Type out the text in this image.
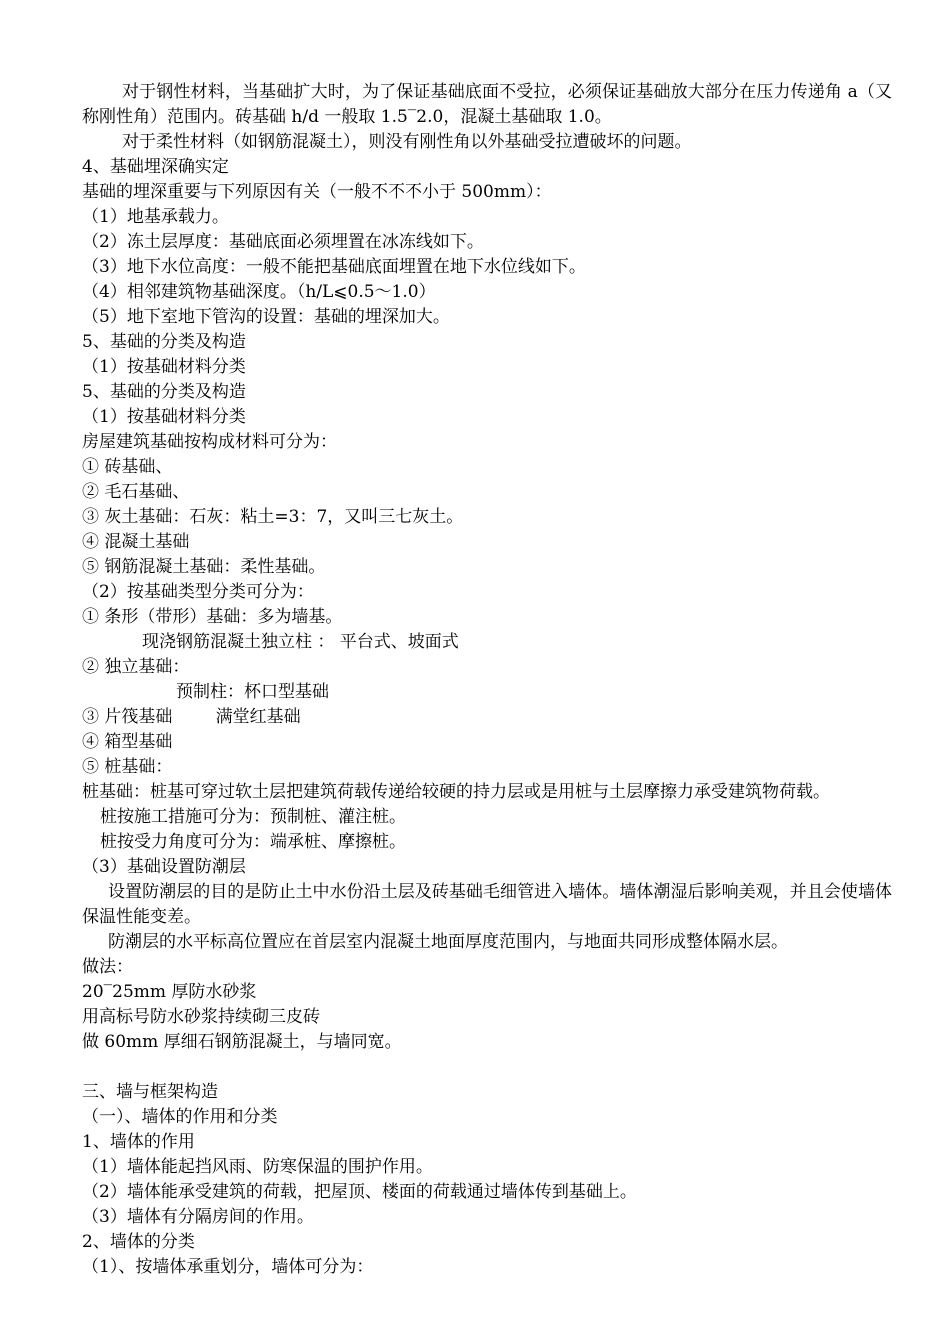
对于钢性材料，当基础扩大时，为了保证基础底面不受拉，必须保证基础放大部分在压力传递角 a（又称刚性角）范围内。砖基础 h/d 一般取 1.5‾2.0，混凝土基础取 1.0。
对于柔性材料（如钢筋混凝土），则没有刚性角以外基础受拉遭破坏的问题。
4、基础埋深确实定
基础的埋深重要与下列原因有关（一般不不不小于 500mm）：
（1）地基承载力。
（2）冻土层厚度：基础底面必须埋置在冰冻线如下。
（3）地下水位高度：一般不能把基础底面埋置在地下水位线如下。
（4）相邻建筑物基础深度。（h/L⩽0.5～1.0）
（5）地下室地下管沟的设置：基础的埋深加大。
5、基础的分类及构造
（1）按基础材料分类
5、基础的分类及构造
（1）按基础材料分类
房屋建筑基础按构成材料可分为：
① 砖基础、
② 毛石基础、
③ 灰土基础：石灰：粘土=3：7，又叫三七灰土。
④ 混凝土基础
⑤ 钢筋混凝土基础：柔性基础。
（2）按基础类型分类可分为：
① 条形（带形）基础：多为墙基。
现浇钢筋混凝土独立柱 ： 平台式、坡面式
② 独立基础：
预制柱：杯口型基础
③ 片筏基础        满堂红基础
④ 箱型基础
⑤ 桩基础：
桩基础：桩基可穿过软土层把建筑荷载传递给较硬的持力层或是用桩与土层摩擦力承受建筑物荷载。
桩按施工措施可分为：预制桩、灌注桩。
桩按受力角度可分为：端承桩、摩擦桩。
（3）基础设置防潮层
设置防潮层的目的是防止土中水份沿土层及砖基础毛细管进入墙体。墙体潮湿后影响美观，并且会使墙体保温性能变差。
防潮层的水平标高位置应在首层室内混凝土地面厚度范围内，与地面共同形成整体隔水层。
做法：
20‾25mm 厚防水砂浆
用高标号防水砂浆持续砌三皮砖
做 60mm 厚细石钢筋混凝土，与墙同宽。
三、墙与框架构造
（一）、墙体的作用和分类
1、墙体的作用
（1）墙体能起挡风雨、防寒保温的围护作用。
（2）墙体能承受建筑的荷载，把屋顶、楼面的荷载通过墙体传到基础上。
（3）墙体有分隔房间的作用。
2、墙体的分类
（1）、按墙体承重划分，墙体可分为：
